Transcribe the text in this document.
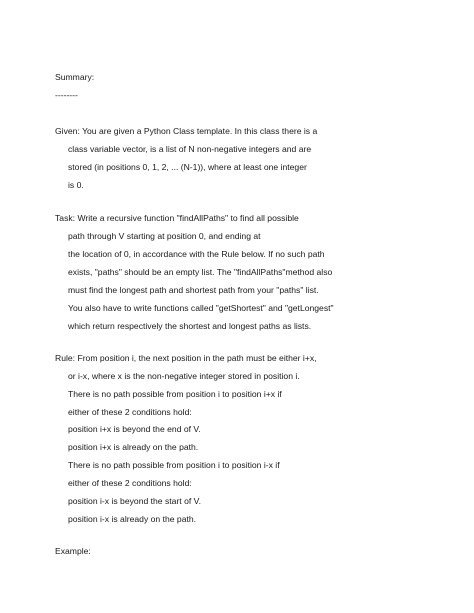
Summary:
--------
Given: You are given a Python Class template. In this class there is a
class variable vector, is a list of N non-negative integers and are
stored (in positions 0, 1, 2, ... (N-1)), where at least one integer
is 0.
Task: Write a recursive function "findAllPaths" to find all possible
path through V starting at position 0, and ending at
the location of 0, in accordance with the Rule below. If no such path
exists, "paths" should be an empty list. The "findAllPaths"method also
must find the longest path and shortest path from your "paths" list.
You also have to write functions called "getShortest" and "getLongest"
which return respectively the shortest and longest paths as lists.
Rule: From position i, the next position in the path must be either i+x,
or i-x, where x is the non-negative integer stored in position i.
There is no path possible from position i to position i+x if
either of these 2 conditions hold:
position i+x is beyond the end of V.
position i+x is already on the path.
There is no path possible from position i to position i-x if
either of these 2 conditions hold:
position i-x is beyond the start of V.
position i-x is already on the path.
Example:
